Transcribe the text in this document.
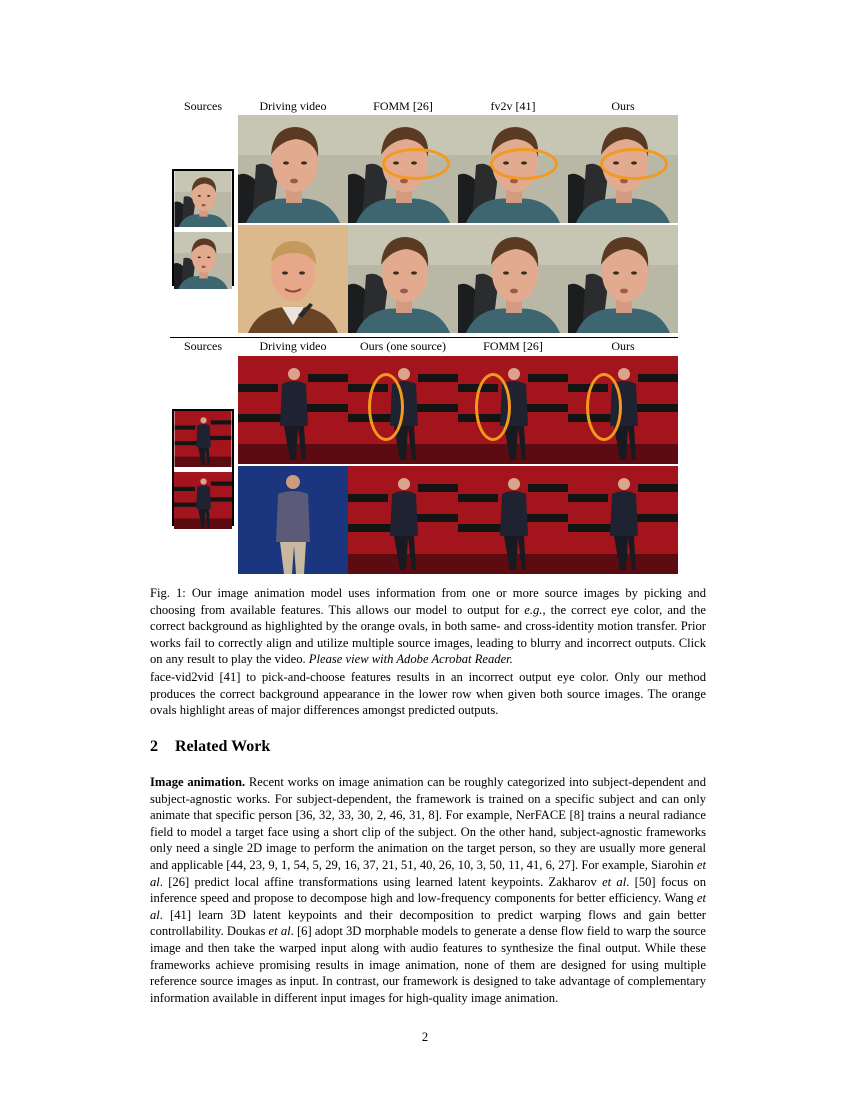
Sources	Driving video	FOMM [26]	fv2v [41]	Ours

Sources	Driving video	Ours (one source)	FOMM [26]	Ours

Fig. 1: Our image animation model uses information from one or more source images by picking and choosing from available features. This allows our model to output for e.g., the correct eye color, and the correct background as highlighted by the orange ovals, in both same- and cross-identity motion transfer. Prior works fail to correctly align and utilize multiple source images, leading to blurry and incorrect outputs. Click on any result to play the video. Please view with Adobe Acrobat Reader.
face-vid2vid [41] to pick-and-choose features results in an incorrect output eye color. Only our method produces the correct background appearance in the lower row when given both source images. The orange ovals highlight areas of major differences amongst predicted outputs.
2 Related Work
Image animation. Recent works on image animation can be roughly categorized into subject-dependent and subject-agnostic works. For subject-dependent, the framework is trained on a specific subject and can only animate that specific person [36, 32, 33, 30, 2, 46, 31, 8]. For example, NerFACE [8] trains a neural radiance field to model a target face using a short clip of the subject. On the other hand, subject-agnostic frameworks only need a single 2D image to perform the animation on the target person, so they are usually more general and applicable [44, 23, 9, 1, 54, 5, 29, 16, 37, 21, 51, 40, 26, 10, 3, 50, 11, 41, 6, 27]. For example, Siarohin et al. [26] predict local affine transformations using learned latent keypoints. Zakharov et al. [50] focus on inference speed and propose to decompose high and low-frequency components for better efficiency. Wang et al. [41] learn 3D latent keypoints and their decomposition to predict warping flows and gain better controllability. Doukas et al. [6] adopt 3D morphable models to generate a dense flow field to warp the source image and then take the warped input along with audio features to synthesize the final output. While these frameworks achieve promising results in image animation, none of them are designed for using multiple reference source images as input. In contrast, our framework is designed to take advantage of complementary information available in different input images for high-quality image animation.
2
